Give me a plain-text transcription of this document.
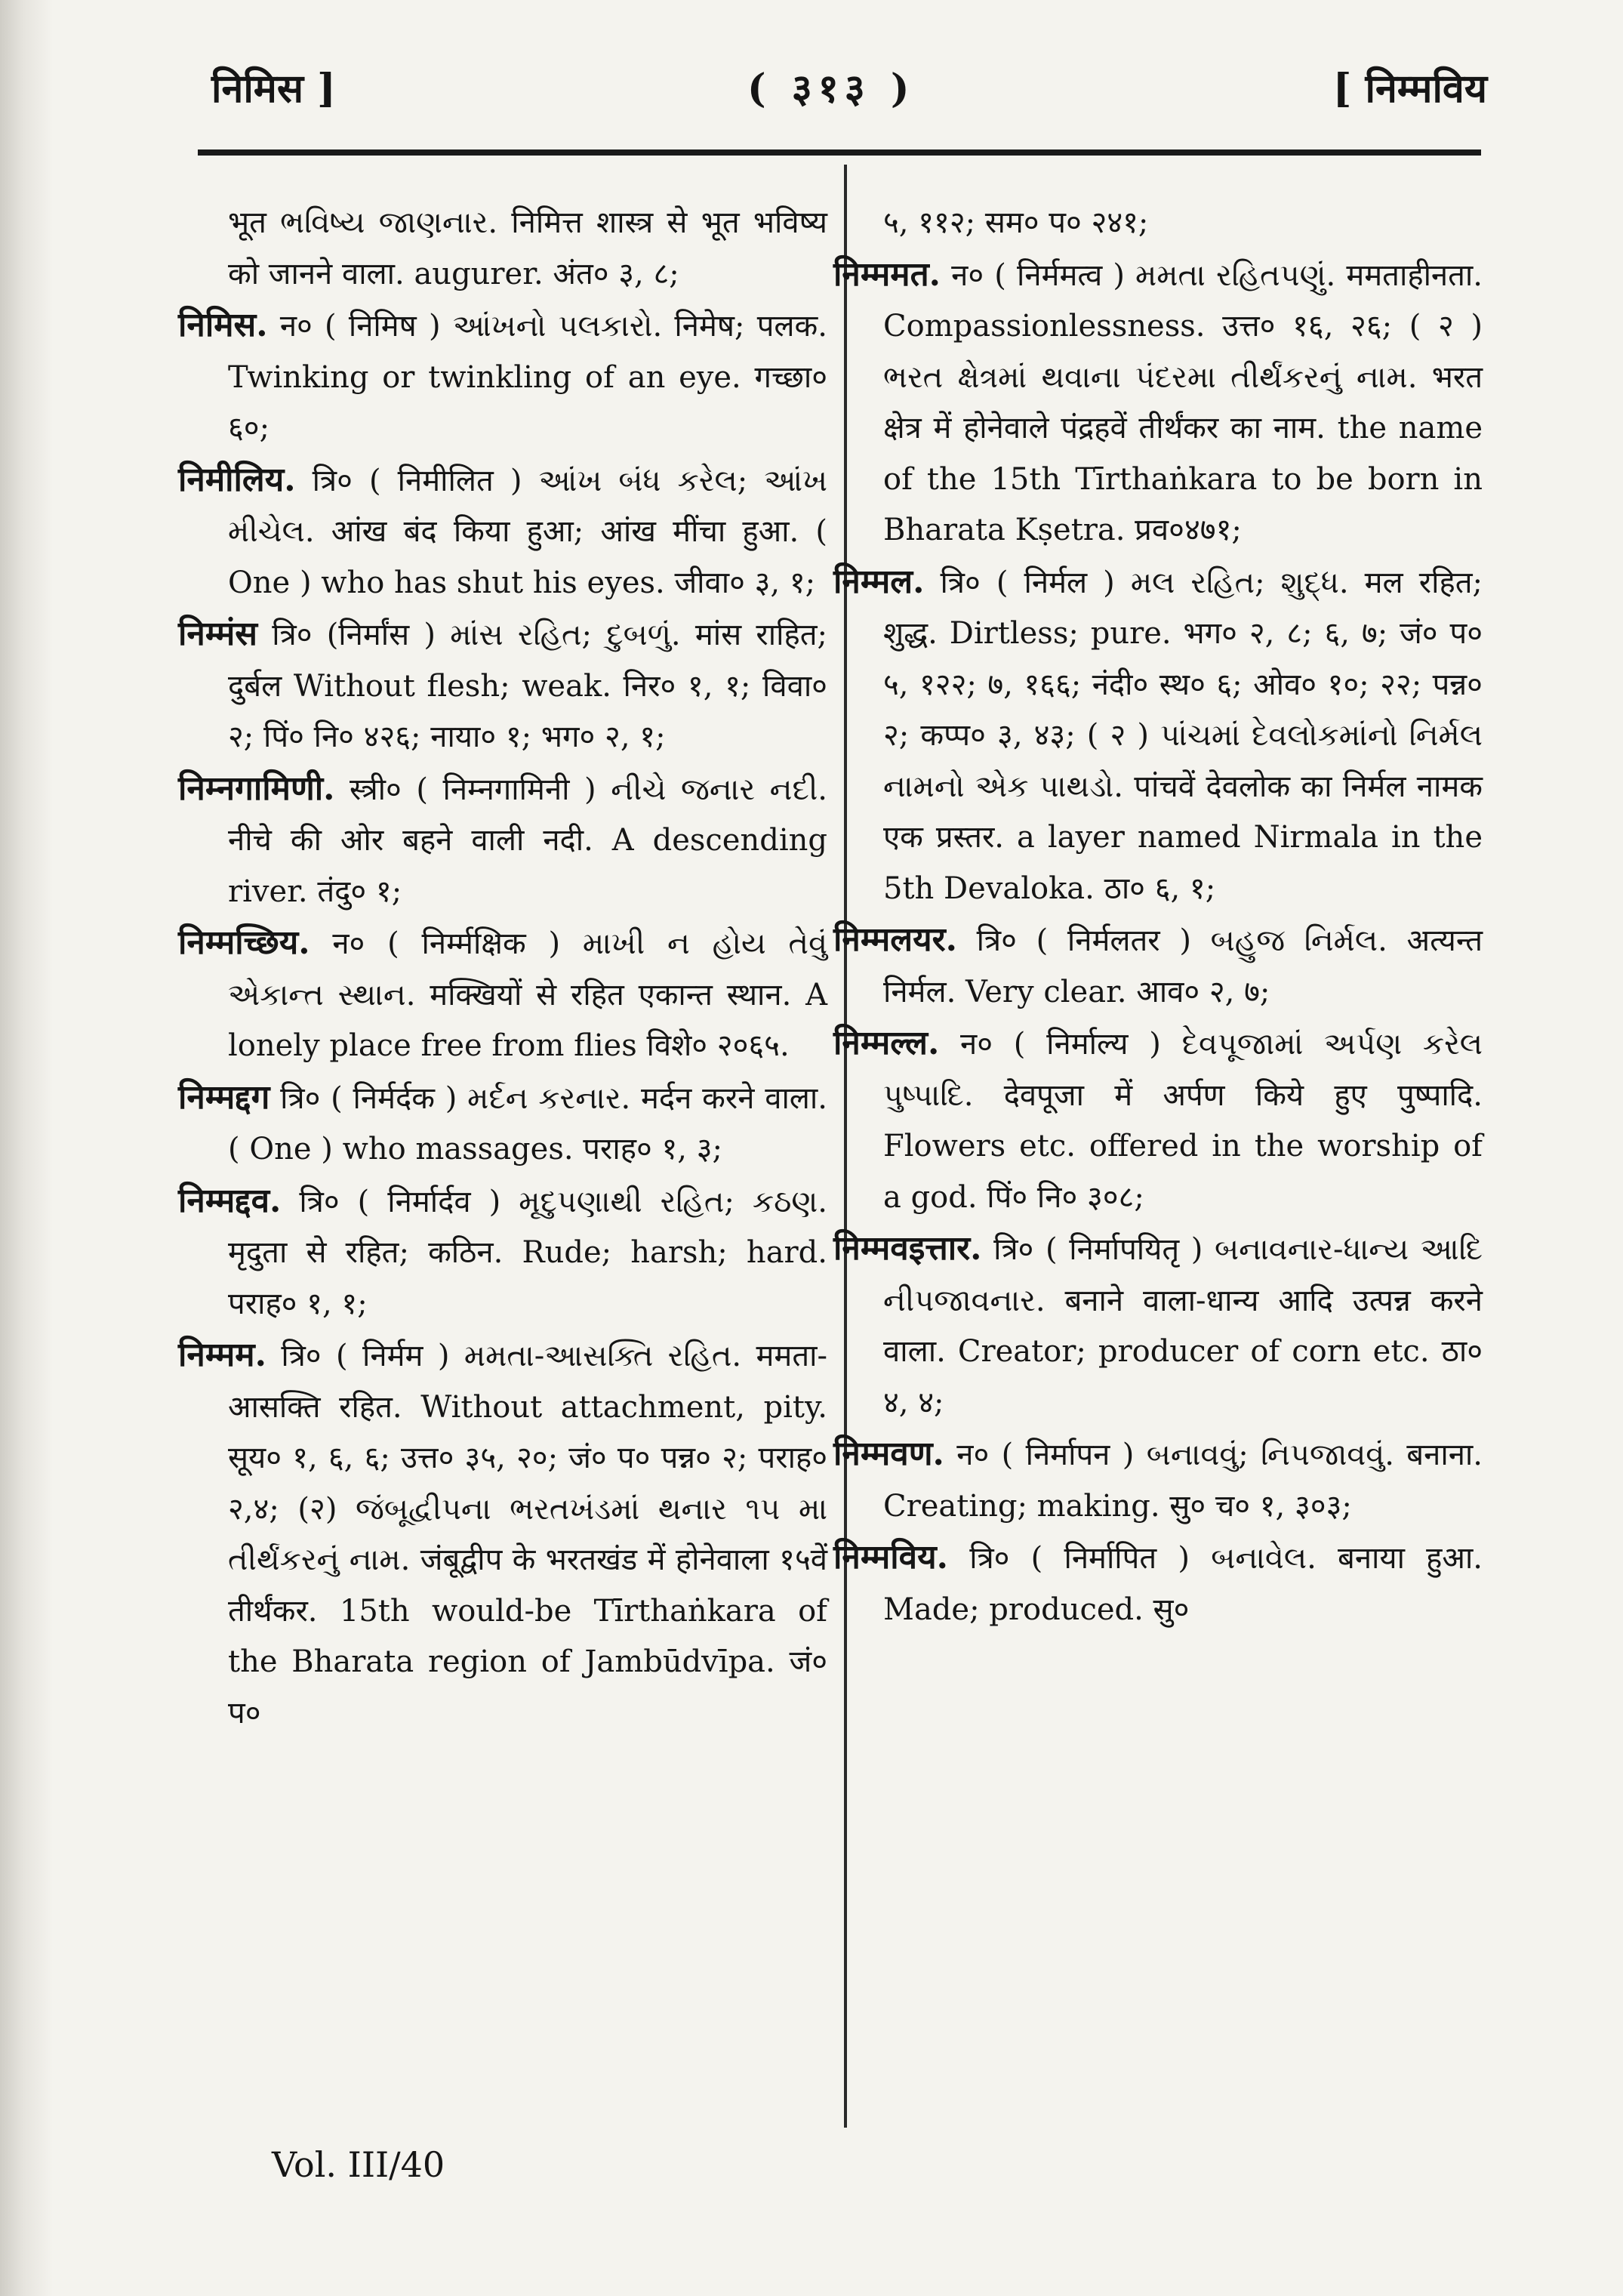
निमिस ]	( ३१३ )	[ निम्मविय

भूत ભવિષ્ય જાણનાર. निमित्त शास्त्र से भूत भविष्य को जानने वाला. augurer. अंत० ३, ८;

निमिस. न० ( निमिष ) આંખનો પલકારો. निमेष; पलक. Twinking or twinkling of an eye. गच्छा० ६०;

निमीलिय. त्रि० ( निमीलित ) આંખ બંધ કરેલ; આંખ મીચેલ. आंख बंद किया हुआ; आंख मींचा हुआ. ( One ) who has shut his eyes. जीवा० ३, १;

निम्मंस त्रि० (निर्मांस ) માંસ રહિત; દુબળું. मांस राहित; दुर्बल Without flesh; weak. निर० १, १; विवा० २; पिं० नि० ४२६; नाया० १; भग० २, १;

निम्नगामिणी. स्त्री० ( निम्नगामिनी ) નીચે જનાર નદી. नीचे की ओर बहने वाली नदी. A descending river. तंदु० १;

निम्मच्छिय. न० ( निर्म्मक्षिक ) માખી ન હોય તેવું એકાન્ત સ્થાન. मक्खियों से रहित एकान्त स्थान. A lonely place free from flies विशे० २०६५.

निम्मद्दग त्रि० ( निर्मर्दक ) મર્દન કરનાર. मर्दन करने वाला. ( One ) who massages. पराह० १, ३;

निम्मद्दव. त्रि० ( निर्मार्दव ) મૃદુપણાથી રહિત; કઠણ. मृदुता से रहित; कठिन. Rude; harsh; hard. पराह० १, १;

निम्मम. त्रि० ( निर्मम ) મમતા-આસક્તિ રહિત. ममता-आसक्ति रहित. Without attachment, pity. सूय० १, ६, ६; उत्त० ३५, २०; जं० प० पन्न० २; पराह० २,४; (२) જંબૂદ્વીપના ભરતખંડમાં થનાર ૧૫ મા તીર્થંકરનું નામ. जंबूद्वीप के भरतखंड में होनेवाला १५वें तीर्थंकर. 15th would-be Tīrthaṅkara of the Bharata region of Jambūdvīpa. जं० प०

५, ११२; सम० प० २४१;

निम्ममत. न० ( निर्ममत्व ) મમતા રહિતપણું. ममताहीनता. Compassionlessness. उत्त० १६, २६; ( २ ) ભરત ક્ષેત્રમાં થવાના પંદરમા તીર્થંકરનું નામ. भरत क्षेत्र में होनेवाले पंद्रहवें तीर्थंकर का नाम. the name of the 15th Tīrthaṅkara to be born in Bharata Kṣetra. प्रव०४७१;

निम्मल. त्रि० ( निर्मल ) મલ રહિત; શુદ્ધ. मल रहित; शुद्ध. Dirtless; pure. भग० २, ८; ६, ७; जं० प० ५, १२२; ७, १६६; नंदी० स्थ० ६; ओव० १०; २२; पन्न० २; कप्प० ३, ४३; ( २ ) પાંચમાં દેવલોકમાંનો નિર્મલ નામનો એક પાથડો. पांचवें देवलोक का निर्मल नामक एक प्रस्तर. a layer named Nirmala in the 5th Devaloka. ठा० ६, १;

निम्मलयर. त्रि० ( निर्मलतर ) બહુજ નિર્મલ. अत्यन्त निर्मल. Very clear. आव० २, ७;

निम्मल्ल. न० ( निर्माल्य ) દેવપૂજામાં અર્પણ કરેલ પુષ્પાદિ. देवपूजा में अर्पण किये हुए पुष्पादि. Flowers etc. offered in the worship of a god. पिं० नि० ३०८;

निम्मवइत्तार. त्रि० ( निर्मापयितृ ) બનાવનાર-ધાન્ય આદિ નીપજાવનાર. बनाने वाला-धान्य आदि उत्पन्न करने वाला. Creator; producer of corn etc. ठा० ४, ४;

निम्मवण. न० ( निर्मापन ) બનાવવું; નિપજાવવું. बनाना. Creating; making. सु० च० १, ३०३;

निम्मविय. त्रि० ( निर्मापित ) બનાવેલ. बनाया हुआ. Made; produced. सु०

Vol. III/40
